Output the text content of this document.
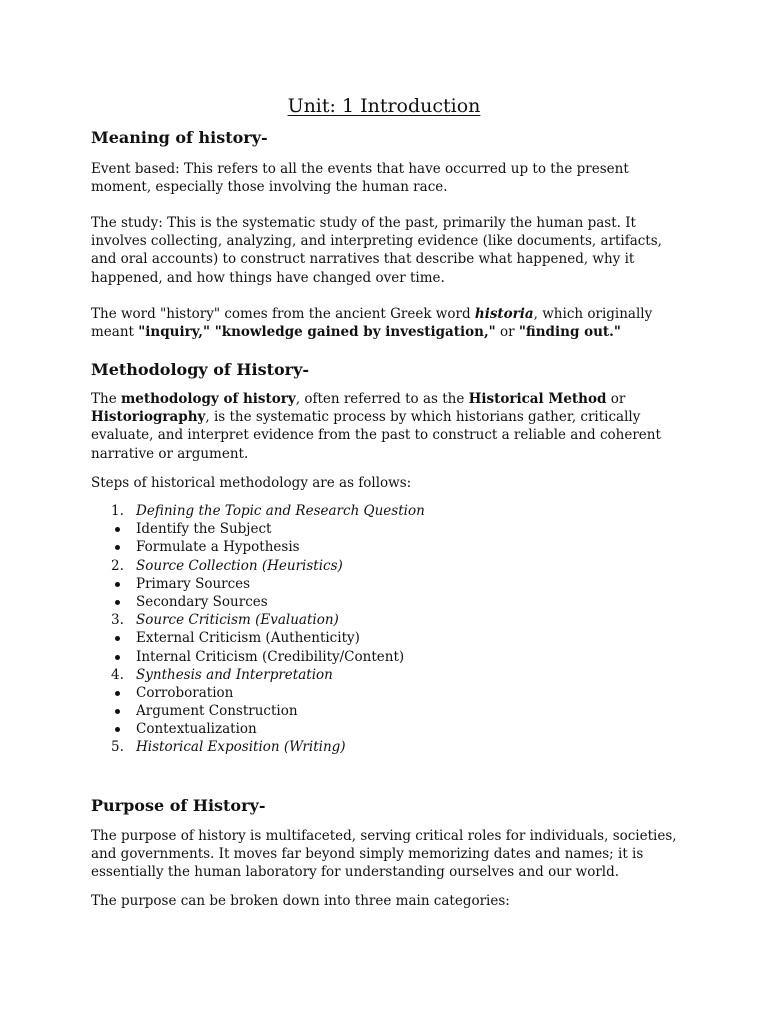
Unit: 1 Introduction
Meaning of history-

Event based: This refers to all the events that have occurred up to the present moment, especially those involving the human race.

The study: This is the systematic study of the past, primarily the human past. It involves collecting, analyzing, and interpreting evidence (like documents, artifacts, and oral accounts) to construct narratives that describe what happened, why it happened, and how things have changed over time.

The word "history" comes from the ancient Greek word historia, which originally meant "inquiry," "knowledge gained by investigation," or "finding out."

Methodology of History-

The methodology of history, often referred to as the Historical Method or Historiography, is the systematic process by which historians gather, critically evaluate, and interpret evidence from the past to construct a reliable and coherent narrative or argument.

Steps of historical methodology are as follows:

1. Defining the Topic and Research Question
Identify the Subject
Formulate a Hypothesis
2. Source Collection (Heuristics)
Primary Sources
Secondary Sources
3. Source Criticism (Evaluation)
External Criticism (Authenticity)
Internal Criticism (Credibility/Content)
4. Synthesis and Interpretation
Corroboration
Argument Construction
Contextualization
5. Historical Exposition (Writing)
Purpose of History-

The purpose of history is multifaceted, serving critical roles for individuals, societies, and governments. It moves far beyond simply memorizing dates and names; it is essentially the human laboratory for understanding ourselves and our world.

The purpose can be broken down into three main categories:
